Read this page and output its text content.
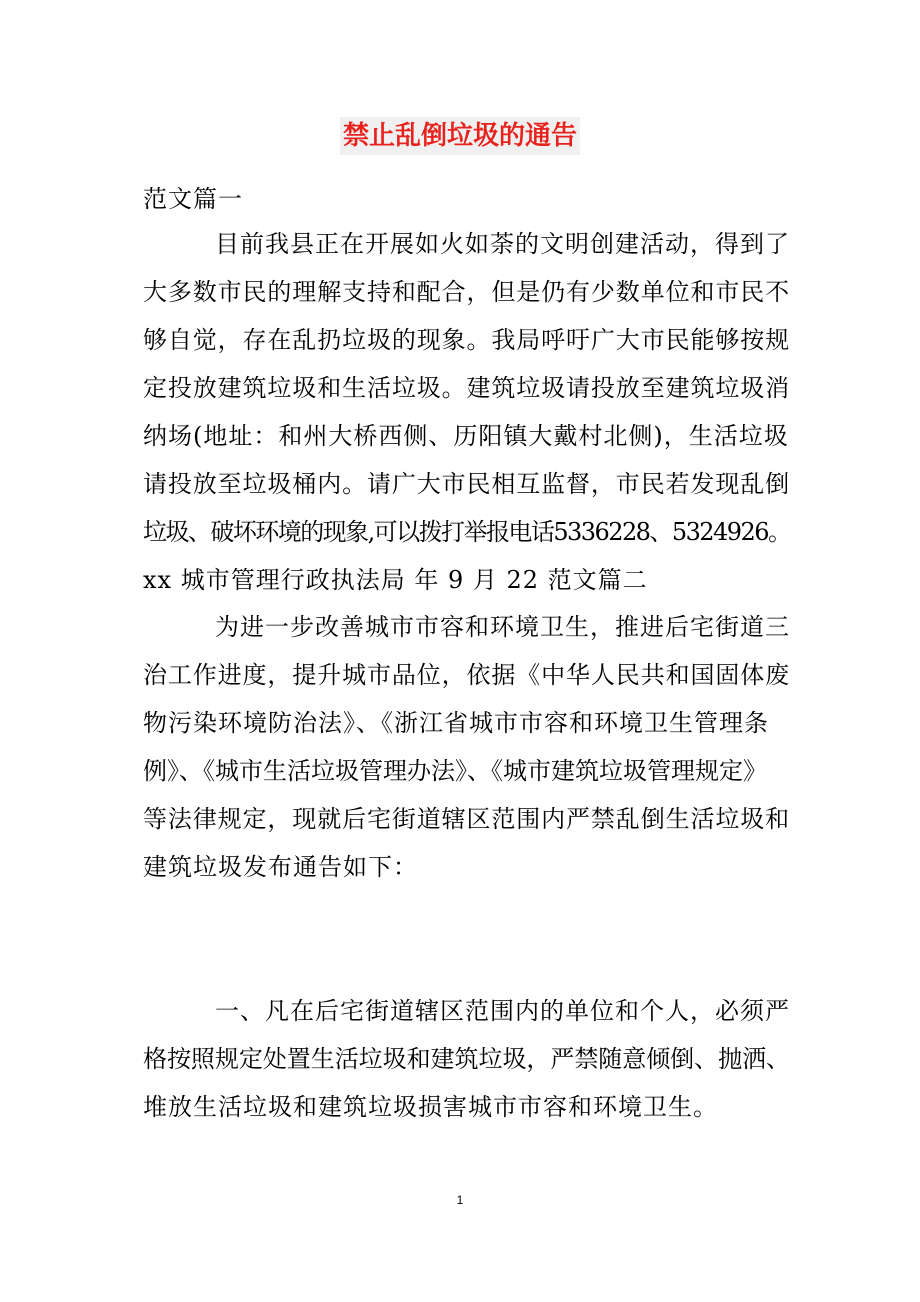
禁止乱倒垃圾的通告
范文篇一
目前我县正在开展如火如荼的文明创建活动，得到了
大多数市民的理解支持和配合，但是仍有少数单位和市民不
够自觉，存在乱扔垃圾的现象。我局呼吁广大市民能够按规
定投放建筑垃圾和生活垃圾。建筑垃圾请投放至建筑垃圾消
纳场(地址：和州大桥西侧、历阳镇大戴村北侧)，生活垃圾
请投放至垃圾桶内。请广大市民相互监督，市民若发现乱倒
垃圾、破坏环境的现象,可以拨打举报电话5336228、5324926。
xx 城市管理行政执法局 年 9 月 22 范文篇二
为进一步改善城市市容和环境卫生，推进后宅街道三
治工作进度，提升城市品位，依据《中华人民共和国固体废
物污染环境防治法》、《浙江省城市市容和环境卫生管理条
例》、《城市生活垃圾管理办法》、《城市建筑垃圾管理规定》
等法律规定，现就后宅街道辖区范围内严禁乱倒生活垃圾和
建筑垃圾发布通告如下：
一、凡在后宅街道辖区范围内的单位和个人，必须严
格按照规定处置生活垃圾和建筑垃圾，严禁随意倾倒、抛洒、
堆放生活垃圾和建筑垃圾损害城市市容和环境卫生。
1
